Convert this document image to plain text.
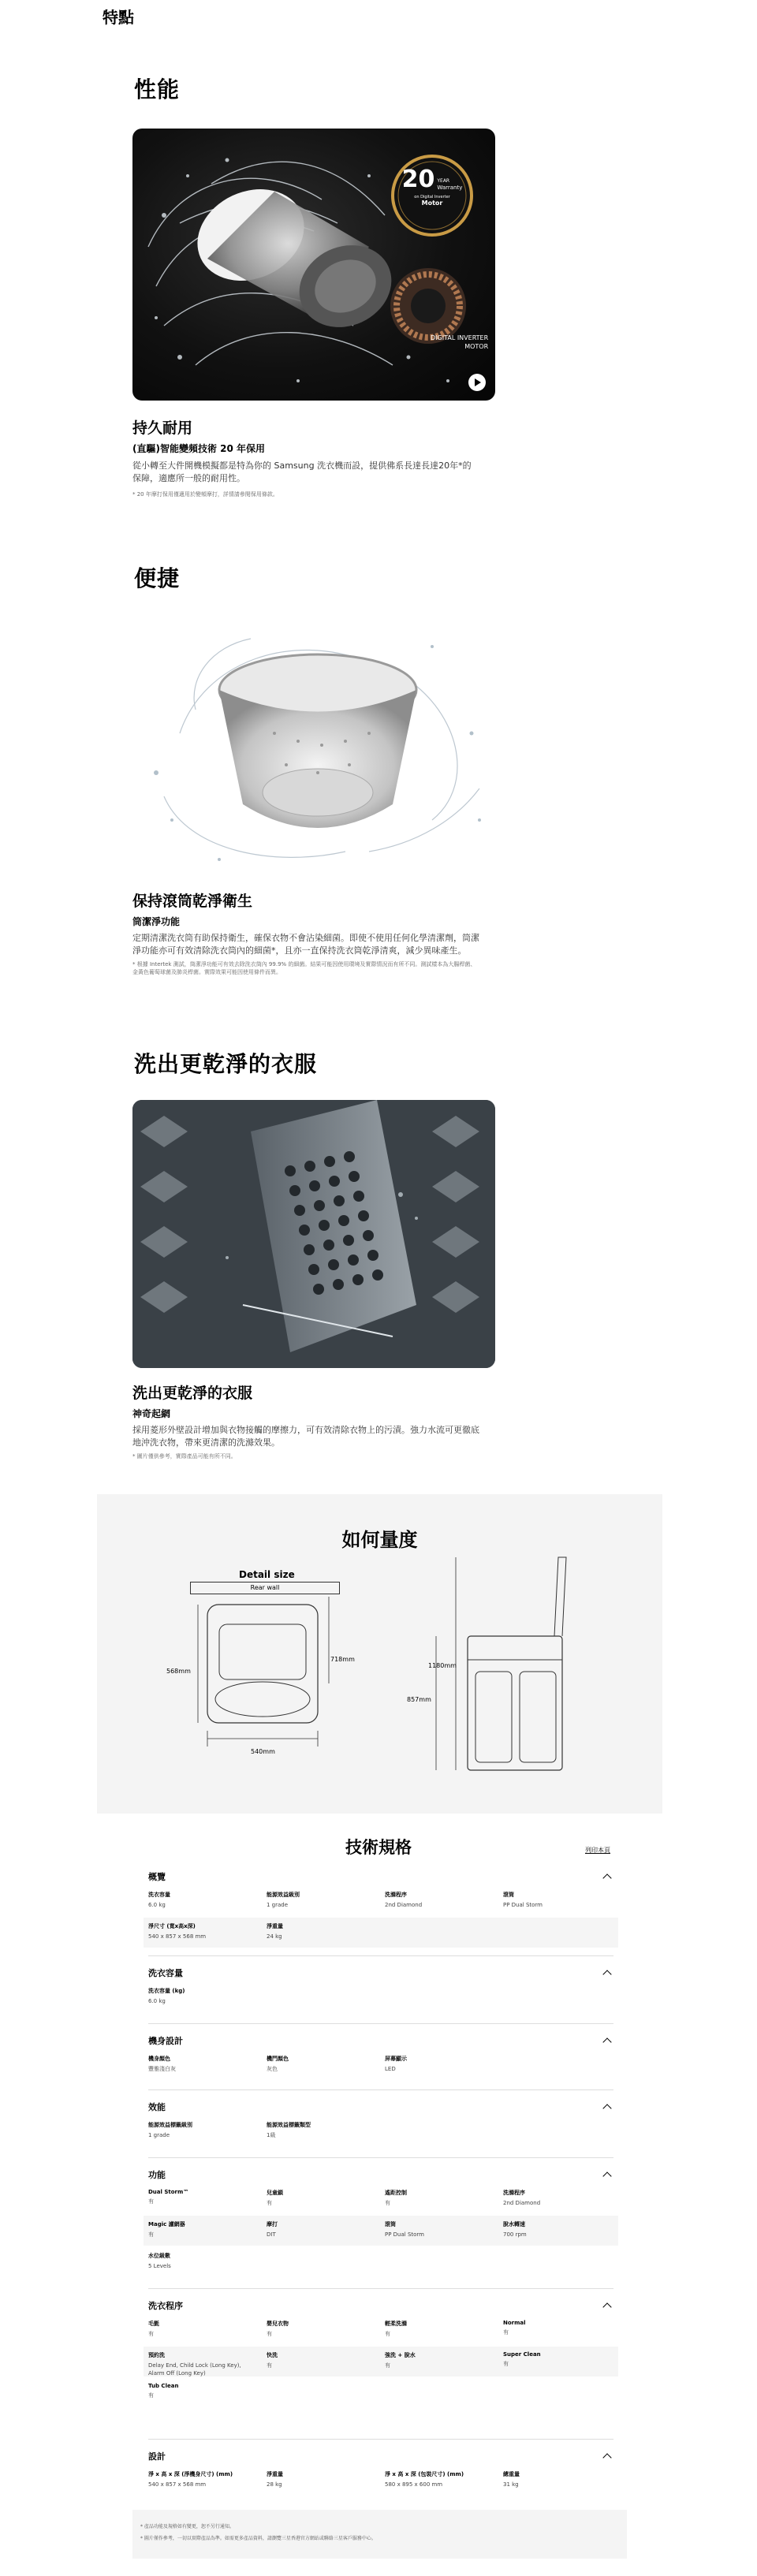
特點
性能
20 YEAR
Warranty
on Digital Inverter
Motor
DIGITAL INVERTER
MOTOR
持久耐用
(直驅)智能變頻技術 20 年保用
從小轉至大件開機模擬都是特為你的 Samsung 洗衣機而設，提供佛系長達長達20年*的保障，適應所一般的耐用性。
* 20 年摩打保用僅適用於變頻摩打，詳情請參閱保用條款。
便捷
保持滾筒乾淨衛生
筒潔淨功能
定期清潔洗衣筒有助保持衛生，確保衣物不會沾染細菌。即使不使用任何化學清潔劑，筒潔淨功能亦可有效清除洗衣筒內的細菌*，且亦一直保持洗衣筒乾淨清爽，減少異味產生。
* 根據 Intertek 測試，筒潔淨功能可有效去除洗衣筒內 99.9% 的細菌。結果可能因使用環境及實際情況而有所不同。測試樣本為大腸桿菌、金黃色葡萄球菌及肺炎桿菌。實際效果可能因使用條件而異。
洗出更乾淨的衣服
洗出更乾淨的衣服
神奇起網
採用菱形外壁設計增加與衣物接觸的摩擦力，可有效清除衣物上的污漬。強力水流可更徹底地沖洗衣物，帶來更清潔的洗滌效果。
* 圖片僅供參考，實際產品可能有所不同。
如何量度
Detail size
Rear wall
568mm
718mm
540mm
1180mm
857mm
技術規格	列印本頁
概覽
洗衣容量
6.0 kg
能源效益級別
1 grade
洗滌程序
2nd Diamond
滾筒
PP Dual Storm
淨尺寸 (寬x高x深)
540 x 857 x 568 mm
淨重量
24 kg
洗衣容量
洗衣容量 (kg)
6.0 kg
機身設計
機身顏色
豐雅淺白灰
機門顏色
灰色
屏幕顯示
LED
效能
能源效益標籤級別
1 grade
能源效益標籤類型
1級
功能
Dual Storm™
有
兒童鎖
有
遙距控制
有
洗滌程序
2nd Diamond
Magic 濾網器
有
摩打
DIT
滾筒
PP Dual Storm
脫水轉速
700 rpm
水位級數
5 Levels
洗衣程序
毛氈
有
嬰兒衣物
有
輕柔洗滌
有
Normal
有
預約洗
Delay End, Child Lock (Long Key), Alarm Off (Long Key)
快洗
有
強洗 + 脫水
有
Super Clean
有
Tub Clean
有
設計
淨 x 高 x 深 (淨機身尺寸) (mm)
540 x 857 x 568 mm
淨重量
28 kg
淨 x 高 x 深 (包裝尺寸) (mm)
580 x 895 x 600 mm
總重量
31 kg
* 產品功能及規格如有變更，恕不另行通知。
* 圖片僅作參考，一切以實際產品為準。如需更多產品資料，請瀏覽三星香港官方網站或聯絡三星客戶服務中心。
